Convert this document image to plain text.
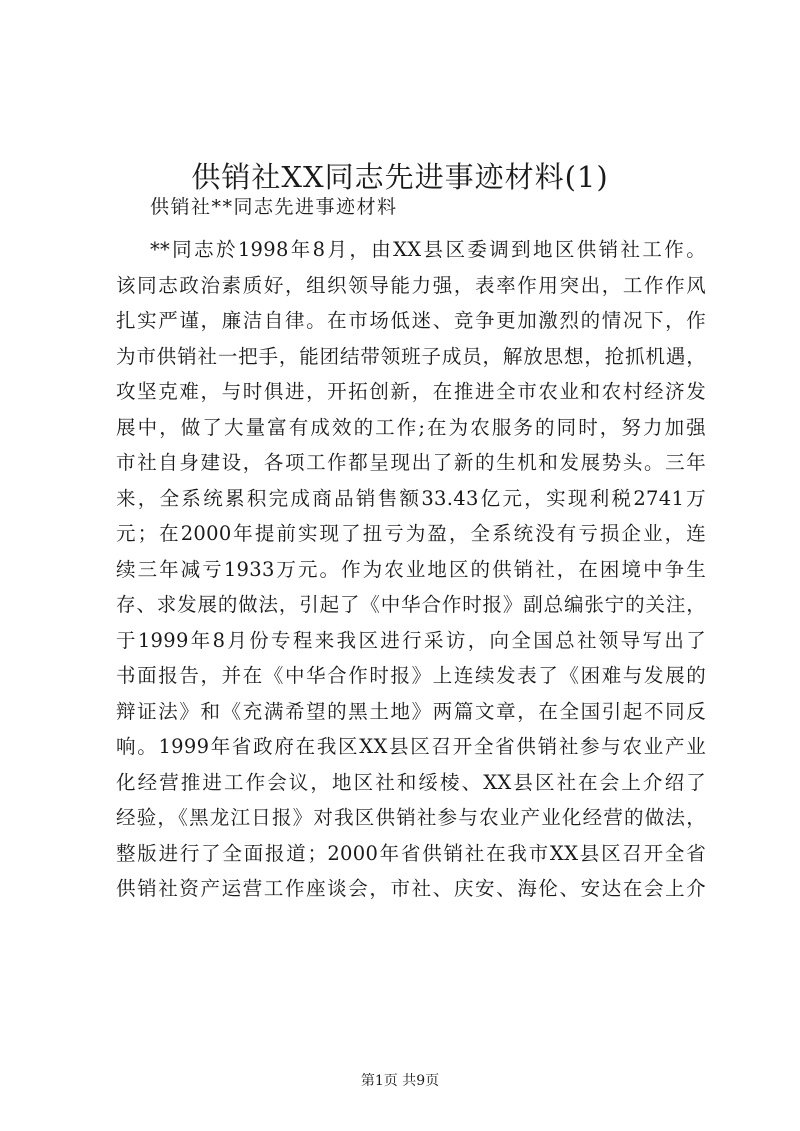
供销社XX同志先进事迹材料(1)
供销社**同志先进事迹材料
**同志於1998年8月，由XX县区委调到地区供销社工作。
该同志政治素质好，组织领导能力强，表率作用突出，工作作风
扎实严谨，廉洁自律。在市场低迷、竞争更加激烈的情况下，作
为市供销社一把手，能团结带领班子成员，解放思想，抢抓机遇，
攻坚克难，与时俱进，开拓创新，在推进全市农业和农村经济发
展中，做了大量富有成效的工作;在为农服务的同时，努力加强
市社自身建设，各项工作都呈现出了新的生机和发展势头。三年
来，全系统累积完成商品销售额33.43亿元，实现利税2741万
元；在2000年提前实现了扭亏为盈，全系统没有亏损企业，连
续三年减亏1933万元。作为农业地区的供销社，在困境中争生
存、求发展的做法，引起了《中华合作时报》副总编张宁的关注，
于1999年8月份专程来我区进行采访，向全国总社领导写出了
书面报告，并在《中华合作时报》上连续发表了《困难与发展的
辩证法》和《充满希望的黑土地》两篇文章，在全国引起不同反
响。1999年省政府在我区XX县区召开全省供销社参与农业产业
化经营推进工作会议，地区社和绥棱、XX县区社在会上介绍了
经验，《黑龙江日报》对我区供销社参与农业产业化经营的做法，
整版进行了全面报道；2000年省供销社在我市XX县区召开全省
供销社资产运营工作座谈会，市社、庆安、海伦、安达在会上介
第1页 共9页
